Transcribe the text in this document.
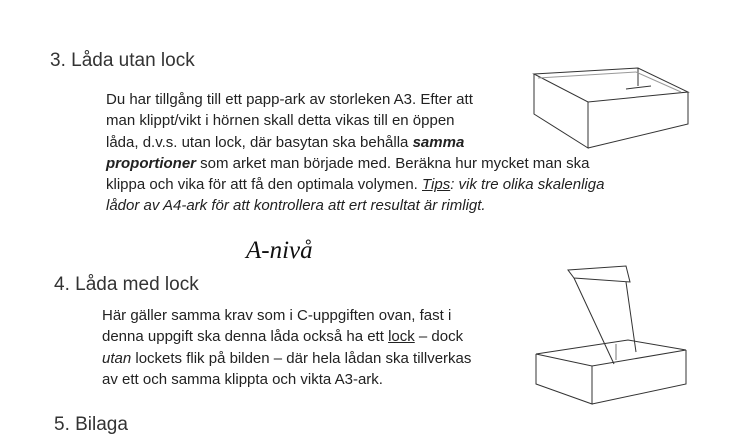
3. Låda utan lock

Du har tillgång till ett papp-ark av storleken A3. Efter att
man klippt/vikt i hörnen skall detta vikas till en öppen
låda, d.v.s. utan lock, där basytan ska behålla samma
proportioner som arket man började med. Beräkna hur mycket man ska
klippa och vika för att få den optimala volymen. Tips: vik tre olika skalenliga
lådor av A4-ark för att kontrollera att ert resultat är rimligt.

A-nivå
4. Låda med lock

Här gäller samma krav som i C-uppgiften ovan, fast i
denna uppgift ska denna låda också ha ett lock – dock
utan lockets flik på bilden – där hela lådan ska tillverkas
av ett och samma klippta och vikta A3-ark.

5. Bilaga
